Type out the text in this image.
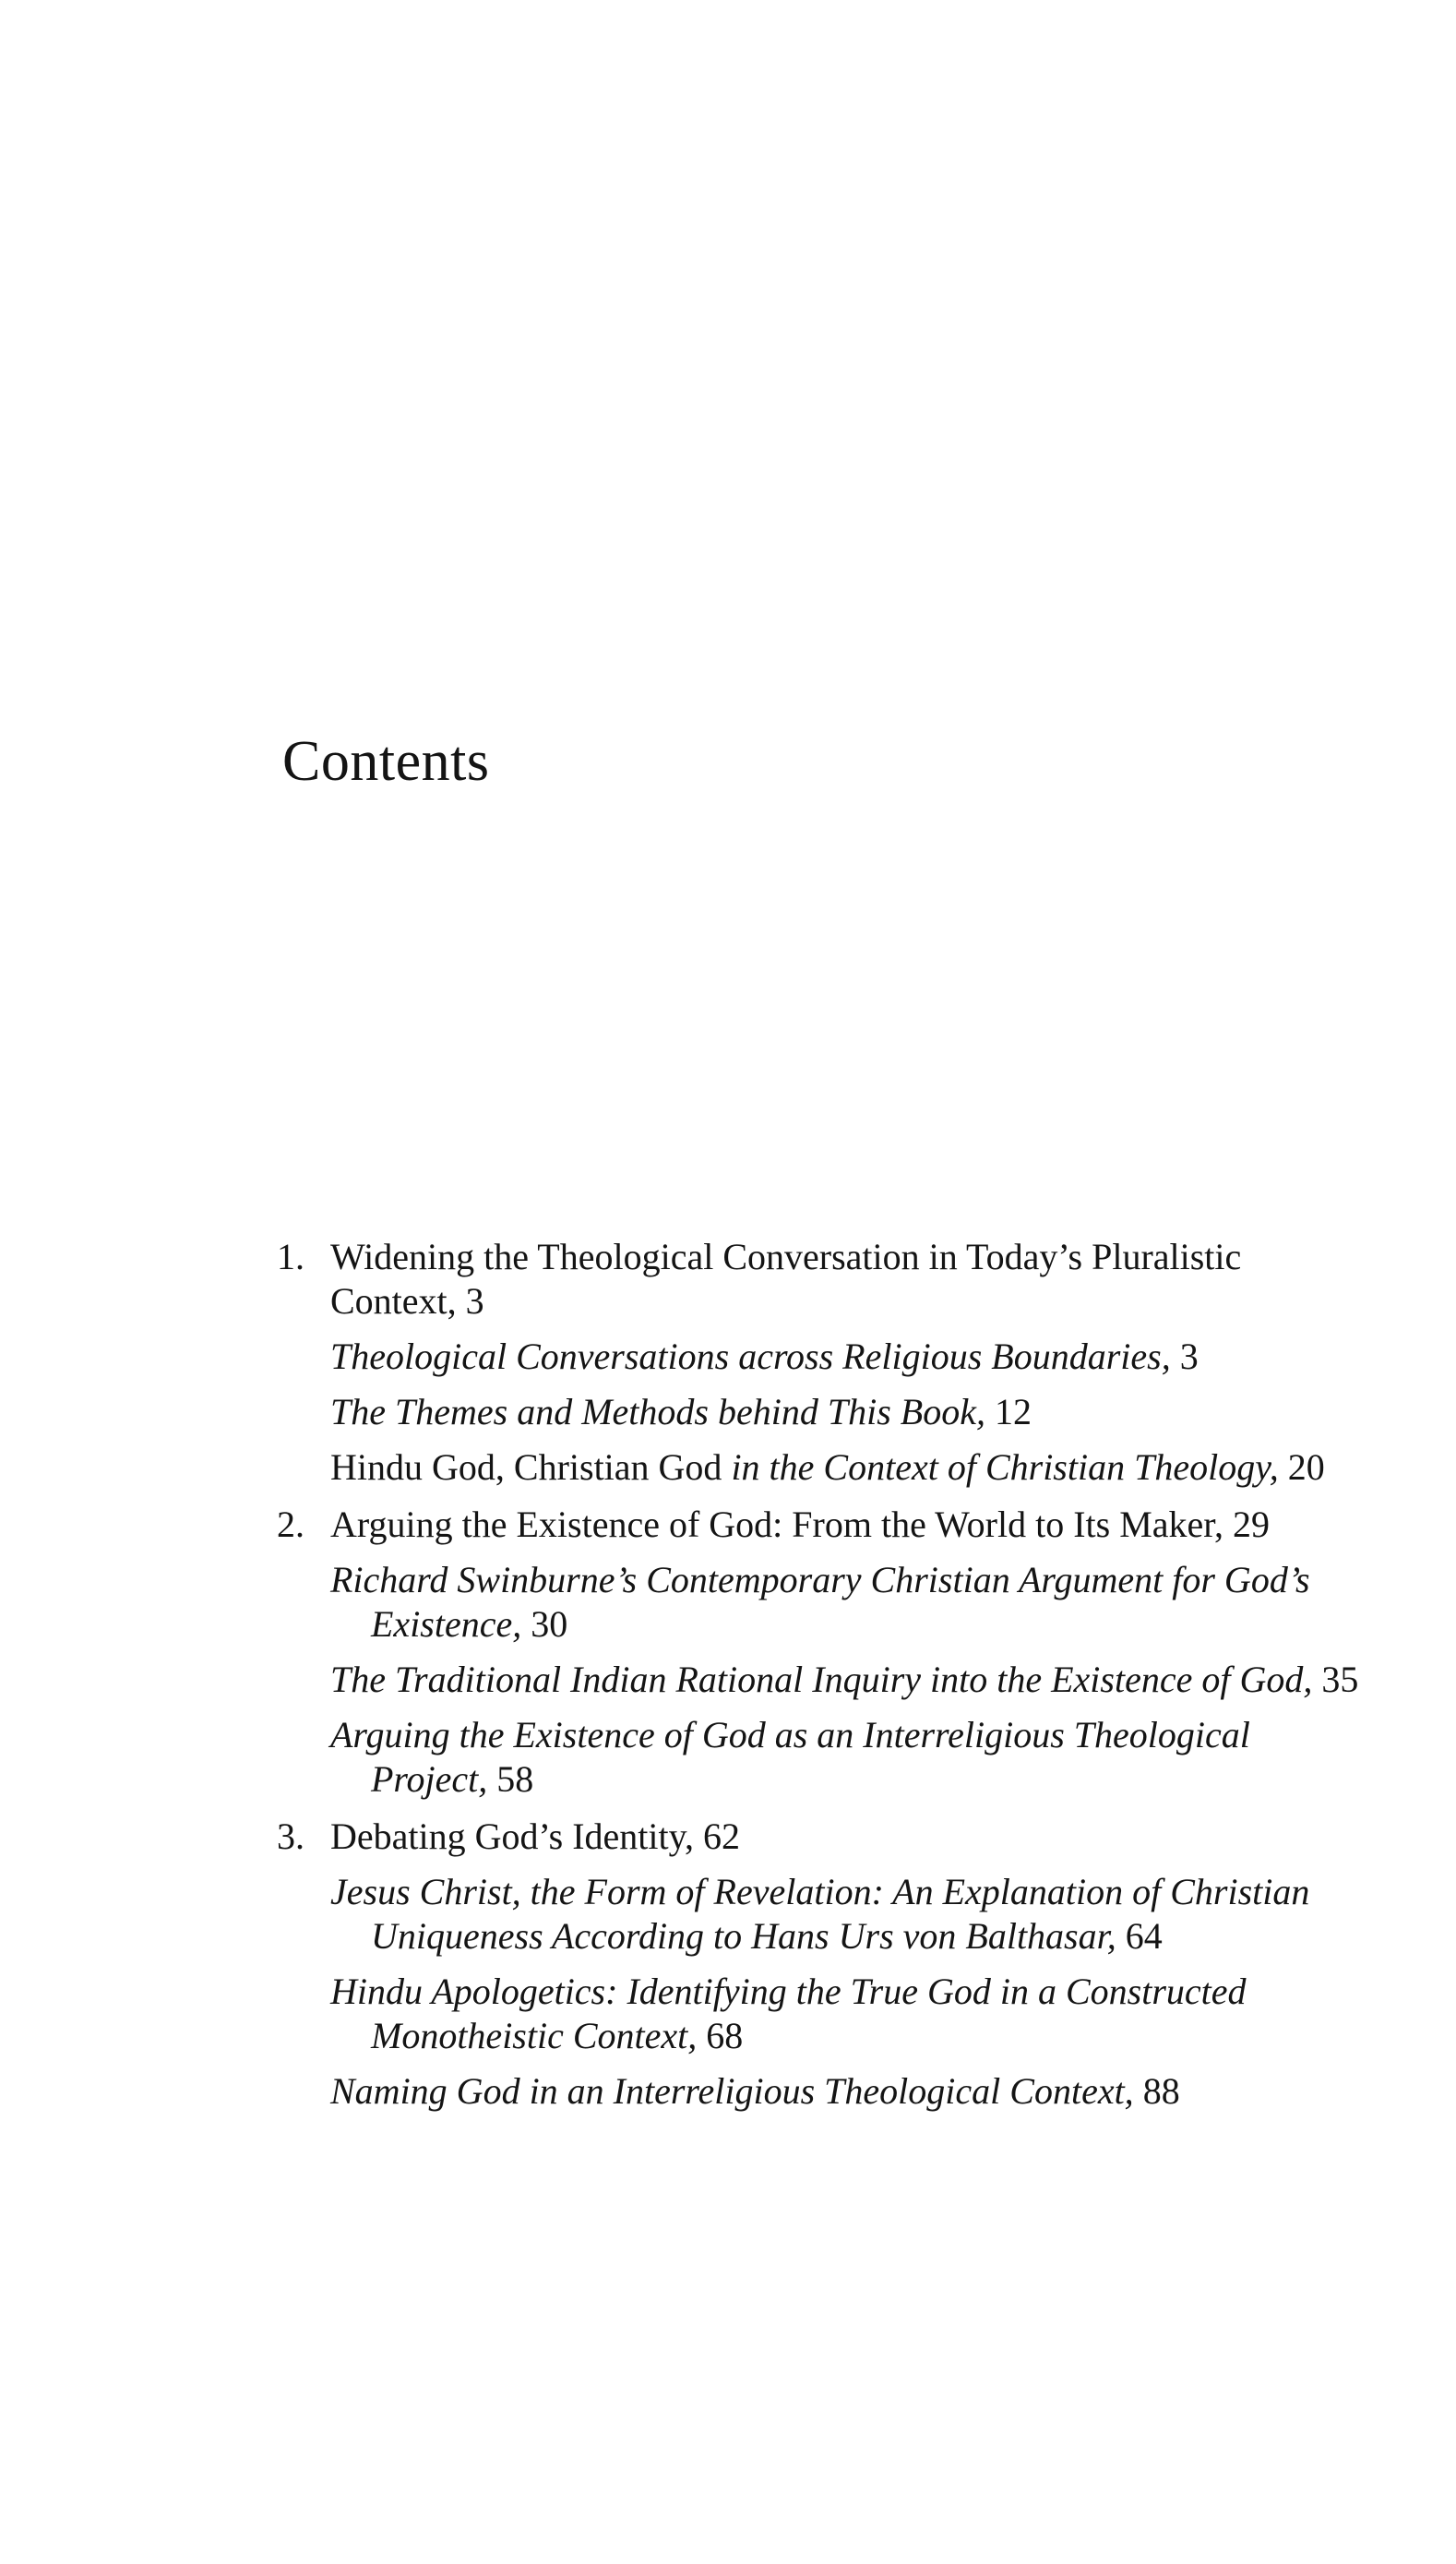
Contents
1. Widening the Theological Conversation in Today’s Pluralistic Context, 3
Theological Conversations across Religious Boundaries, 3
The Themes and Methods behind This Book, 12
Hindu God, Christian God in the Context of Christian Theology, 20
2. Arguing the Existence of God: From the World to Its Maker, 29
Richard Swinburne’s Contemporary Christian Argument for God’s Existence, 30
The Traditional Indian Rational Inquiry into the Existence of God, 35
Arguing the Existence of God as an Interreligious Theological Project, 58
3. Debating God’s Identity, 62
Jesus Christ, the Form of Revelation: An Explanation of Christian Uniqueness According to Hans Urs von Balthasar, 64
Hindu Apologetics: Identifying the True God in a Constructed Monotheistic Context, 68
Naming God in an Interreligious Theological Context, 88
